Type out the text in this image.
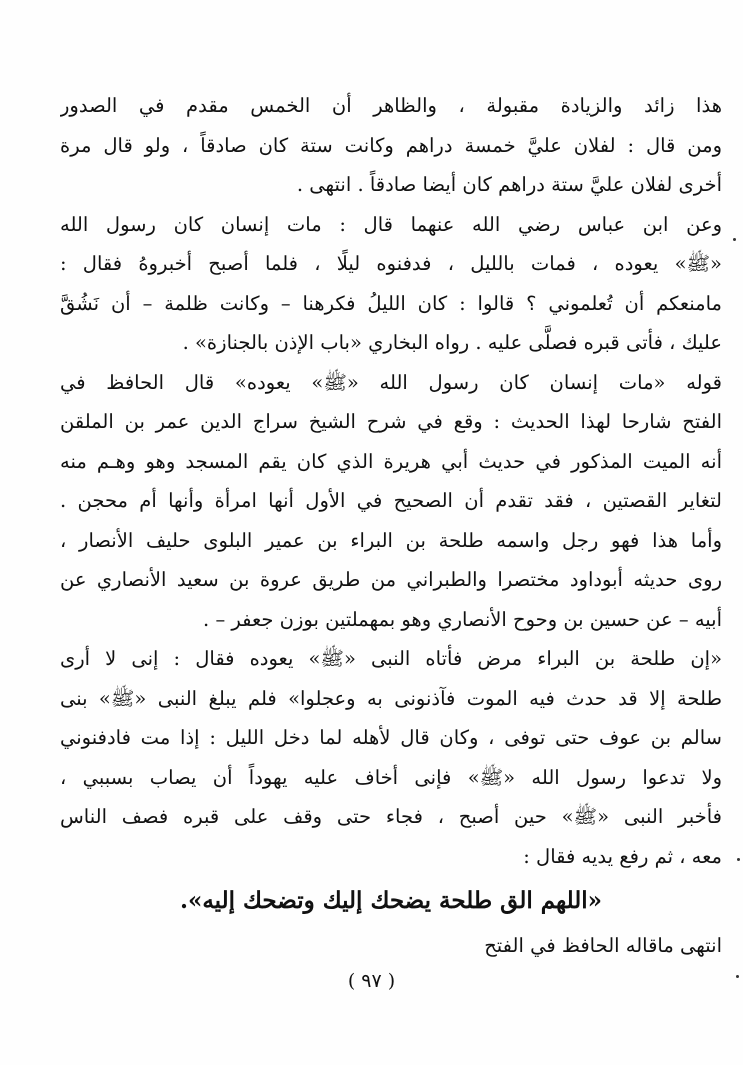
هذا زائد والزيادة مقبولة ، والظاهر أن الخمس مقدم في الصدور
ومن قال : لفلان عليَّ خمسة دراهم وكانت ستة كان صادقاً ، ولو قال مرة
أخرى لفلان عليَّ ستة دراهم كان أيضا صادقاً . انتهى .
وعن ابن عباس رضي الله عنهما قال : مات إنسان كان رسول الله
«ﷺ» يعوده ، فمات بالليل ، فدفنوه ليلًا ، فلما أصبح أخبروهُ فقال :
مامنعكم أن تُعلموني ؟ قالوا : كان الليلُ فكرهنا – وكانت ظلمة – أن نَشُقَّ
عليك ، فأتى قبره فصلَّى عليه . رواه البخاري «باب الإذن بالجنازة» .
قوله «مات إنسان كان رسول الله «ﷺ» يعوده» قال الحافظ في
الفتح شارحا لهذا الحديث : وقع في شرح الشيخ سراج الدين عمر بن الملقن
أنه الميت المذكور في حديث أبي هريرة الذي كان يقم المسجد وهو وهـم منه
لتغاير القصتين ، فقد تقدم أن الصحيح في الأول أنها امرأة وأنها أم محجن .
وأما هذا فهو رجل واسمه طلحة بن البراء بن عمير البلوى حليف الأنصار ،
روى حديثه أبوداود مختصرا والطبراني من طريق عروة بن سعيد الأنصاري عن
أبيه – عن حسين بن وحوح الأنصاري وهو بمهملتين بوزن جعفر – .
«إن طلحة بن البراء مرض فأتاه النبى «ﷺ» يعوده فقال : إنى لا أرى
طلحة إلا قد حدث فيه الموت فآذنونى به وعجلوا» فلم يبلغ النبى «ﷺ» بنى
سالم بن عوف حتى توفى ، وكان قال لأهله لما دخل الليل : إذا مت فادفنوني
ولا تدعوا رسول الله «ﷺ» فإنى أخاف عليه يهوداً أن يصاب بسببي ،
فأخبر النبى «ﷺ» حين أصبح ، فجاء حتى وقف على قبره فصف الناس
معه ، ثم رفع يديه فقال :
«اللهم الق طلحة يضحك إليك وتضحك إليه».
انتهى ماقاله الحافظ في الفتح
( ٩٧ )
